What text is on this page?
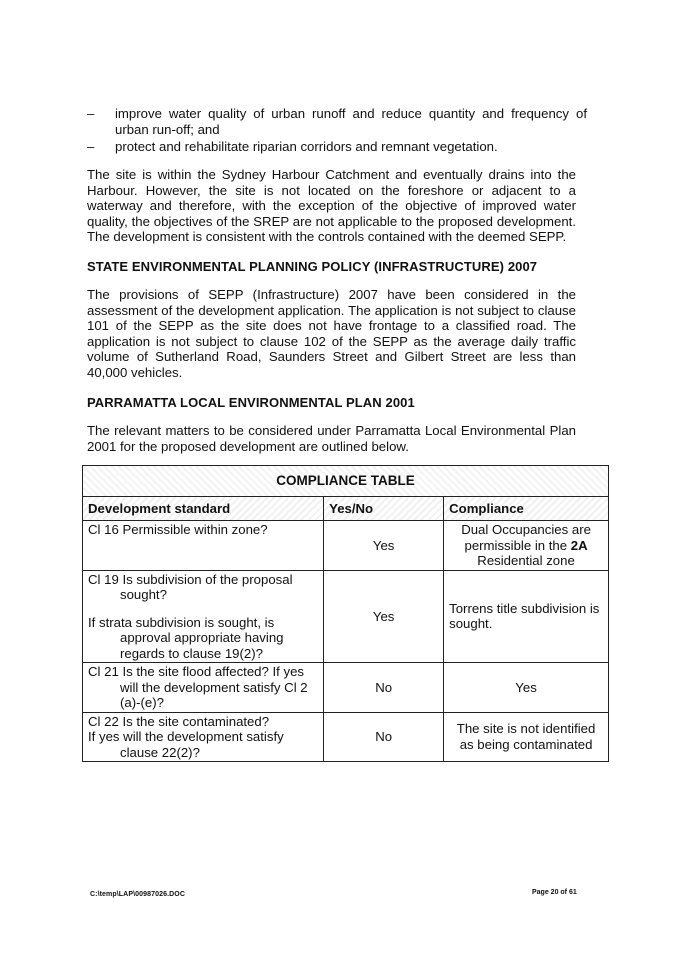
–	improve water quality of urban runoff and reduce quantity and frequency of urban run-off; and
–	protect and rehabilitate riparian corridors and remnant vegetation.

The site is within the Sydney Harbour Catchment and eventually drains into the Harbour. However, the site is not located on the foreshore or adjacent to a waterway and therefore, with the exception of the objective of improved water quality, the objectives of the SREP are not applicable to the proposed development. The development is consistent with the controls contained with the deemed SEPP.

STATE ENVIRONMENTAL PLANNING POLICY (INFRASTRUCTURE) 2007

The provisions of SEPP (Infrastructure) 2007 have been considered in the assessment of the development application. The application is not subject to clause 101 of the SEPP as the site does not have frontage to a classified road. The application is not subject to clause 102 of the SEPP as the average daily traffic volume of Sutherland Road, Saunders Street and Gilbert Street are less than 40,000 vehicles.

PARRAMATTA LOCAL ENVIRONMENTAL PLAN 2001

The relevant matters to be considered under Parramatta Local Environmental Plan 2001 for the proposed development are outlined below.

COMPLIANCE TABLE		
Development standard	Yes/No	Compliance
Cl 16 Permissible within zone?	Yes	Dual Occupancies are permissible in the 2A
Residential zone
Cl 19 Is subdivision of the proposal
sought?
If strata subdivision is sought, is
approval appropriate having regards to clause 19(2)?	Yes	Torrens title subdivision is sought.
Cl 21 Is the site flood affected? If yes
will the development satisfy Cl 2 (a)-(e)?	No	Yes
Cl 22 Is the site contaminated?
If yes will the development satisfy
clause 22(2)?	No	The site is not identified as being contaminated
C:\temp\LAP\00987026.DOC	Page 20 of 61
